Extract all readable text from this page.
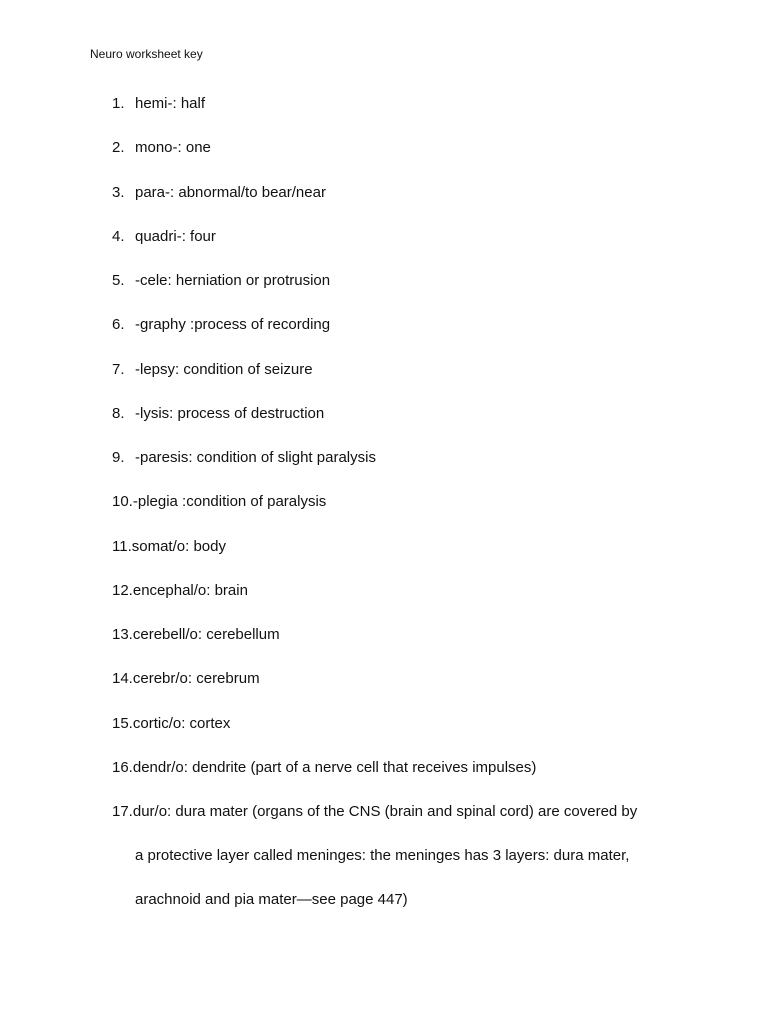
Neuro worksheet key
1. hemi-: half
2. mono-: one
3. para-: abnormal/to bear/near
4. quadri-: four
5. -cele: herniation or protrusion
6. -graphy :process of recording
7. -lepsy: condition of seizure
8. -lysis: process of destruction
9. -paresis: condition of slight paralysis
10.-plegia :condition of paralysis
11.somat/o: body
12.encephal/o: brain
13.cerebell/o: cerebellum
14.cerebr/o: cerebrum
15.cortic/o: cortex
16.dendr/o: dendrite (part of a nerve cell that receives impulses)
17.dur/o: dura mater (organs of the CNS (brain and spinal cord) are covered by
a protective layer called meninges: the meninges has 3 layers: dura mater,
arachnoid and pia mater—see page 447)
